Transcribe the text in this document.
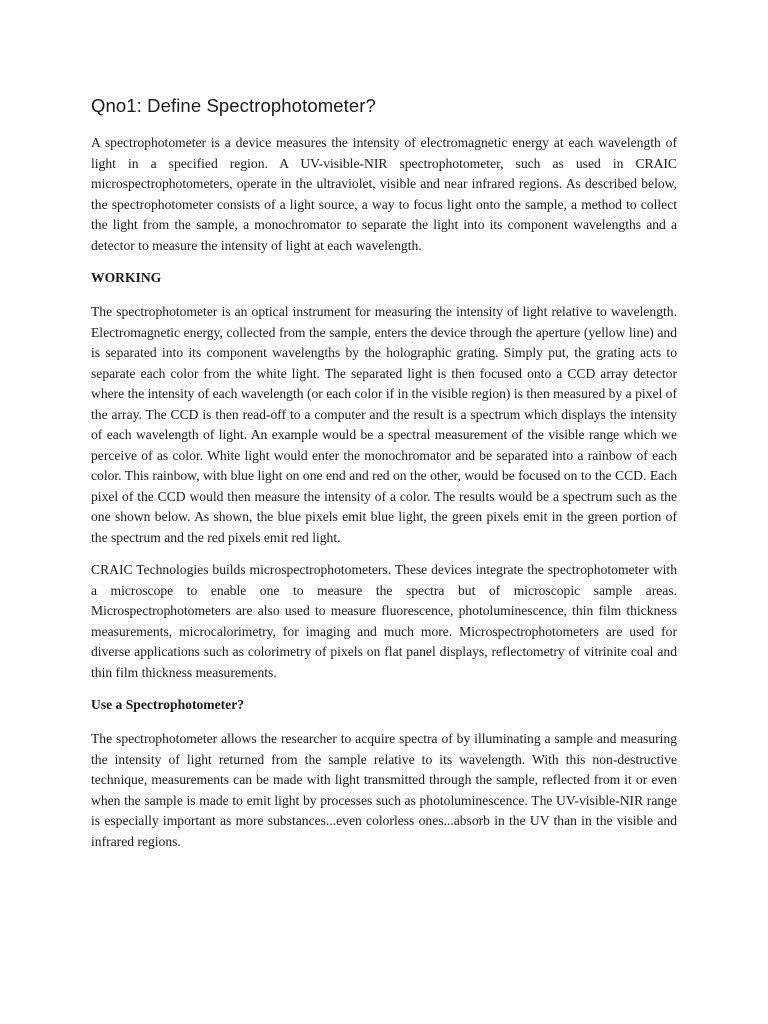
Qno1: Define Spectrophotometer?

A spectrophotometer is a device measures the intensity of electromagnetic energy at each wavelength of light in a specified region. A UV-visible-NIR spectrophotometer, such as used in CRAIC microspectrophotometers, operate in the ultraviolet, visible and near infrared regions. As described below, the spectrophotometer consists of a light source, a way to focus light onto the sample, a method to collect the light from the sample, a monochromator to separate the light into its component wavelengths and a detector to measure the intensity of light at each wavelength.

WORKING

The spectrophotometer is an optical instrument for measuring the intensity of light relative to wavelength. Electromagnetic energy, collected from the sample, enters the device through the aperture (yellow line) and is separated into its component wavelengths by the holographic grating. Simply put, the grating acts to separate each color from the white light. The separated light is then focused onto a CCD array detector where the intensity of each wavelength (or each color if in the visible region) is then measured by a pixel of the array. The CCD is then read-off to a computer and the result is a spectrum which displays the intensity of each wavelength of light. An example would be a spectral measurement of the visible range which we perceive of as color. White light would enter the monochromator and be separated into a rainbow of each color. This rainbow, with blue light on one end and red on the other, would be focused on to the CCD. Each pixel of the CCD would then measure the intensity of a color. The results would be a spectrum such as the one shown below. As shown, the blue pixels emit blue light, the green pixels emit in the green portion of the spectrum and the red pixels emit red light.

CRAIC Technologies builds microspectrophotometers. These devices integrate the spectrophotometer with a microscope to enable one to measure the spectra but of microscopic sample areas. Microspectrophotometers are also used to measure fluorescence, photoluminescence, thin film thickness measurements, microcalorimetry, for imaging and much more. Microspectrophotometers are used for diverse applications such as colorimetry of pixels on flat panel displays, reflectometry of vitrinite coal and thin film thickness measurements.

Use a Spectrophotometer?

The spectrophotometer allows the researcher to acquire spectra of by illuminating a sample and measuring the intensity of light returned from the sample relative to its wavelength. With this non-destructive technique, measurements can be made with light transmitted through the sample, reflected from it or even when the sample is made to emit light by processes such as photoluminescence. The UV-visible-NIR range is especially important as more substances...even colorless ones...absorb in the UV than in the visible and infrared regions.
